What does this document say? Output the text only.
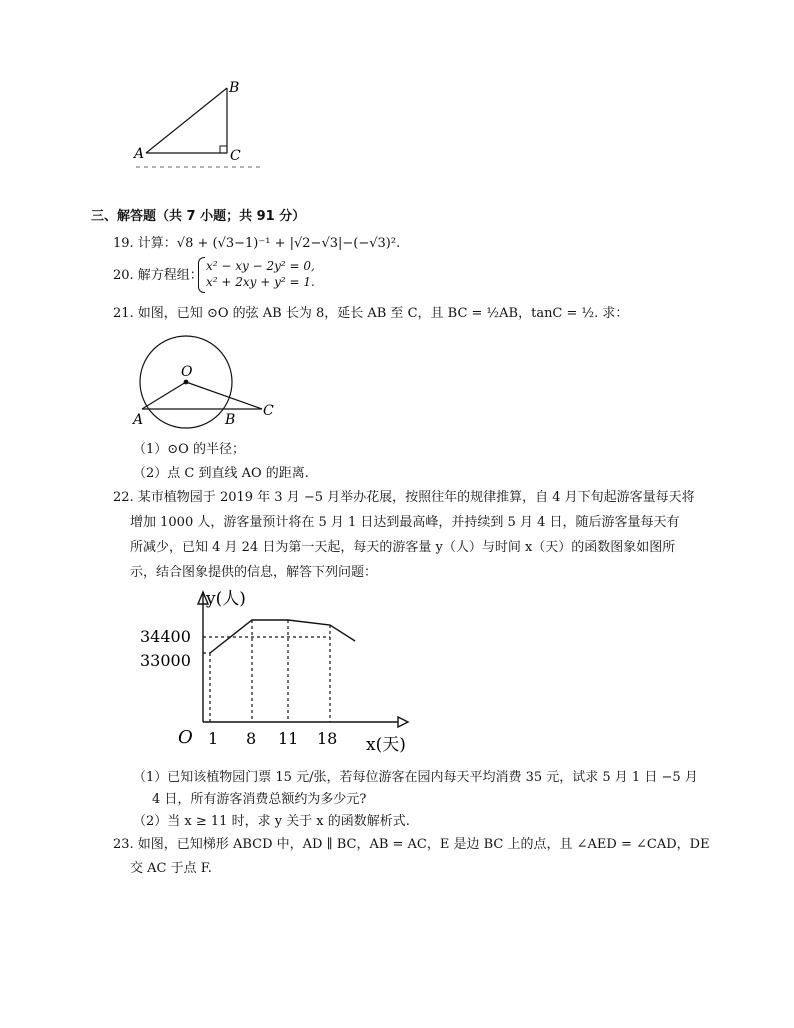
A
B
C
三、解答题（共 7 小题；共 91 分）
19. 计算：√8 + (√3−1)⁻¹ + |√2−√3|−(−√3)².
20. 解方程组：
x² − xy − 2y² = 0,
x² + 2xy + y² = 1.
21. 如图，已知 ⊙O 的弦 AB 长为 8，延长 AB 至 C，且 BC = ½AB，tanC = ½. 求：
O
A	B
C
（1）⊙O 的半径；
（2）点 C 到直线 AO 的距离.
22. 某市植物园于 2019 年 3 月 −5 月举办花展，按照往年的规律推算，自 4 月下旬起游客量每天将
增加 1000 人，游客量预计将在 5 月 1 日达到最高峰，并持续到 5 月 4 日，随后游客量每天有
所减少，已知 4 月 24 日为第一天起，每天的游客量 y（人）与时间 x（天）的函数图象如图所
示，结合图象提供的信息，解答下列问题：
y(人)
x(天)
O 1 8 11 18
33000
34400
（1）已知该植物园门票 15 元/张，若每位游客在园内每天平均消费 35 元，试求 5 月 1 日 −5 月
4 日，所有游客消费总额约为多少元?
（2）当 x ≥ 11 时，求 y 关于 x 的函数解析式.
23. 如图，已知梯形 ABCD 中，AD ∥ BC，AB = AC，E 是边 BC 上的点，且 ∠AED = ∠CAD，DE
交 AC 于点 F.
